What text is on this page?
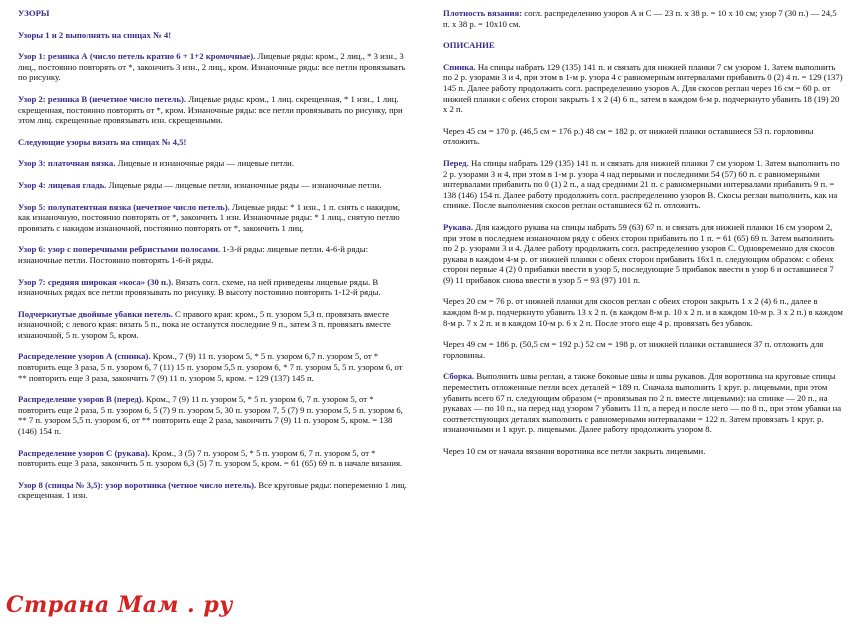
УЗОРЫ
Узоры 1 и 2 выполнять на спицах № 4!

Узор 1: резинка А (число петель кратно 6 + 1+2 кромочные). Лицевые ряды: кром., 2 лиц., * 3 изн., 3 лиц., постоянно повторять от *, закончить 3 изн., 2 лиц., кром. Изнаночные ряды: все петли провязывать по рисунку.

Узор 2: резинка В (нечетное число петель). Лицевые ряды: кром., 1 лиц. скрещенная, * 1 изн., 1 лиц. скрещенная, постоянно повторять от *, кром. Изнаночные ряды: все петли провязывать по рисунку, при этом лиц. скрещенные провязывать изн. скрещенными.

Следующие узоры вязать на спицах № 4,5!

Узор 3: платочная вязка. Лицевые и изнаночные ряды — лицевые петли.

Узор 4: лицевая гладь. Лицевые ряды — лицевые петли, изнаночные ряды — изнаночные петли.

Узор 5: полупатентная вязка (нечетное число петель). Лицевые ряды: * 1 изн., 1 п. снять с накидом, как изнаночную, постоянно повторять от *, закончить 1 изн. Изнаночные ряды: * 1 лиц., снятую петлю провязать с накидом изнаночной, постоянно повторять от *, закончить 1 лиц.

Узор 6: узор с поперечными ребристыми полосами. 1-3-й ряды: лицевые петли. 4-6-й ряды: изнаночные петли. Постоянно повторять 1-6-й ряды.

Узор 7: средняя широкая «коса» (30 п.). Вязать согл. схеме, на ней приведены лицевые ряды. В изнаночных рядах все петли провязывать по рисунку. В высоту постоянно повторять 1-12-й ряды.

Подчеркнутые двойные убавки петель. С правого края: кром., 5 п. узором 5,3 п. провязать вместе изнаночной; с левого края: вязать 5 п., пока не останутся последние 9 п., затем 3 п. провязать вместе изнаночной, 5 п. узором 5, кром.

Распределение узоров А (спинка). Кром., 7 (9) 11 п. узором 5, * 5 п. узором 6,7 п. узором 5, от * повторить еще 3 раза, 5 п. узором 6, 7 (11) 15 п. узором 5,5 п. узором 6, * 7 п. узором 5, 5 п. узором 6, от ** повторить еще 3 раза, закончить 7 (9) 11 п. узором 5, кром. = 129 (137) 145 п.

Распределение узоров В (перед). Кром., 7 (9) 11 п. узором 5, * 5 п. узором 6, 7 п. узором 5, от * повторить еще 2 раза, 5 п. узором 6, 5 (7) 9 п. узором 5, 30 п. узором 7, 5 (7) 9 п. узором 5, 5 п. узором 6, ** 7 п. узором 5,5 п. узором 6, от ** повторить еще 2 раза, закончить 7 (9) 11 п. узором 5, кром. = 138 (146) 154 п.

Распределение узоров С (рукава). Кром., 3 (5) 7 п. узором 5, * 5 п. узором 6, 7 п. узором 5, от * повторить еще 3 раза, закончить 5 п. узором 6,3 (5) 7 п. узором 5, кром. = 61 (65) 69 п. в начале вязания.

Узор 8 (спицы № 3,5): узор воротника (четное число петель). Все круговые ряды: попеременно 1 лиц. скрещенная. 1 изн.

Плотность вязания: согл. распределению узоров А и С — 23 п. х 38 р. = 10 х 10 см; узор 7 (30 п.) — 24,5 п. х 38 р. = 10х10 см.

ОПИСАНИЕ

Спинка. На спицы набрать 129 (135) 141 п. и связать для нижней планки 7 см узором 1. Затем выполнить по 2 р. узорами 3 и 4, при этом в 1-м р. узора 4 с равномерным интервалами прибавить 0 (2) 4 п. = 129 (137) 145 п. Далее работу продолжить согл. распределению узоров А. Для скосов реглан через 16 см = 60 р. от нижней планки с обеих сторон закрыть 1 х 2 (4) 6 п., затем в каждом 6-м р. подчеркнуто убавить 18 (19) 20 х 2 п.

Через 45 см = 170 р. (46,5 см = 176 р.) 48 см = 182 р. от нижней планки оставшиеся 53 п. горловины отложить.

Перед. На спицы набрать 129 (135) 141 п. и связать для нижней планки 7 см узором 1. Затем выполнить по 2 р. узорами 3 и 4, при этом в 1-м р. узора 4 над первыми и последними 54 (57) 60 п. с равномерными интервалами прибавить по 0 (1) 2 п., а над средними 21 п. с равномерными интервалами прибавить 9 п. = 138 (146) 154 п. Далее работу продолжить согл. распределению узоров В. Скосы реглан выполнить, как на спинке. После выполнения скосов реглан оставшиеся 62 п. отложить.

Рукава. Для каждого рукава на спицы набрать 59 (63) 67 п. и связать для нижней планки 16 см узором 2, при этом в последнем изнаночном ряду с обеих сторон прибавить по 1 п. = 61 (65) 69 п. Затем выполнить по 2 р. узорами 3 и 4. Далее работу продолжить согл. распределению узоров С. Одновременно для скосов рукава в каждом 4-м р. от нижней планки с обеих сторон прибавить 16х1 п. следующим образом: с обеих сторон первые 4 (2) 0 прибавки ввести в узор 5, последующие 5 прибавок ввести в узор 6 и оставшиеся 7 (9) 11 прибавок снова ввести в узор 5 = 93 (97) 101 п.

Через 20 см = 76 р. от нижней планки для скосов реглан с обеих сторон закрыть 1 х 2 (4) 6 п., далее в каждом 8-м р. подчеркнуто убавить 13 х 2 п. (в каждом 8-м р. 10 х 2 п. и в каждом 10-м р. 3 х 2 п.) в каждом 8-м р. 7 х 2 п. и в каждом 10-м р. 6 х 2 п. После этого еще 4 р. провязать без убавок.

Через 49 см = 186 р. (50,5 см = 192 р.) 52 см = 198 р. от нижней планки оставшиеся 37 п. отложить для горловины.

Сборка. Выполнить швы реглан, а также боковые швы и швы рукавов. Для воротника на круговые спицы переместить отложенные петли всех деталей = 189 п. Сначала выполнить 1 круг. р. лицевыми, при этом убавить всего 67 п. следующим образом (= провязывая по 2 п. вместе лицевыми): на спинке — 20 п., на рукавах — по 10 п., на перед над узором 7 убавить 11 п, а перед и после него — по 8 п., при этом убавки на соответствующих деталях выполнить с равномерными интервалами = 122 п. Затем провязать 1 круг. р. изнаночными и 1 круг. р. лицевыми. Далее работу продолжить узором 8.

Через 10 см от начала вязания воротника все петли закрыть лицевыми.

Страна Мам . ру
